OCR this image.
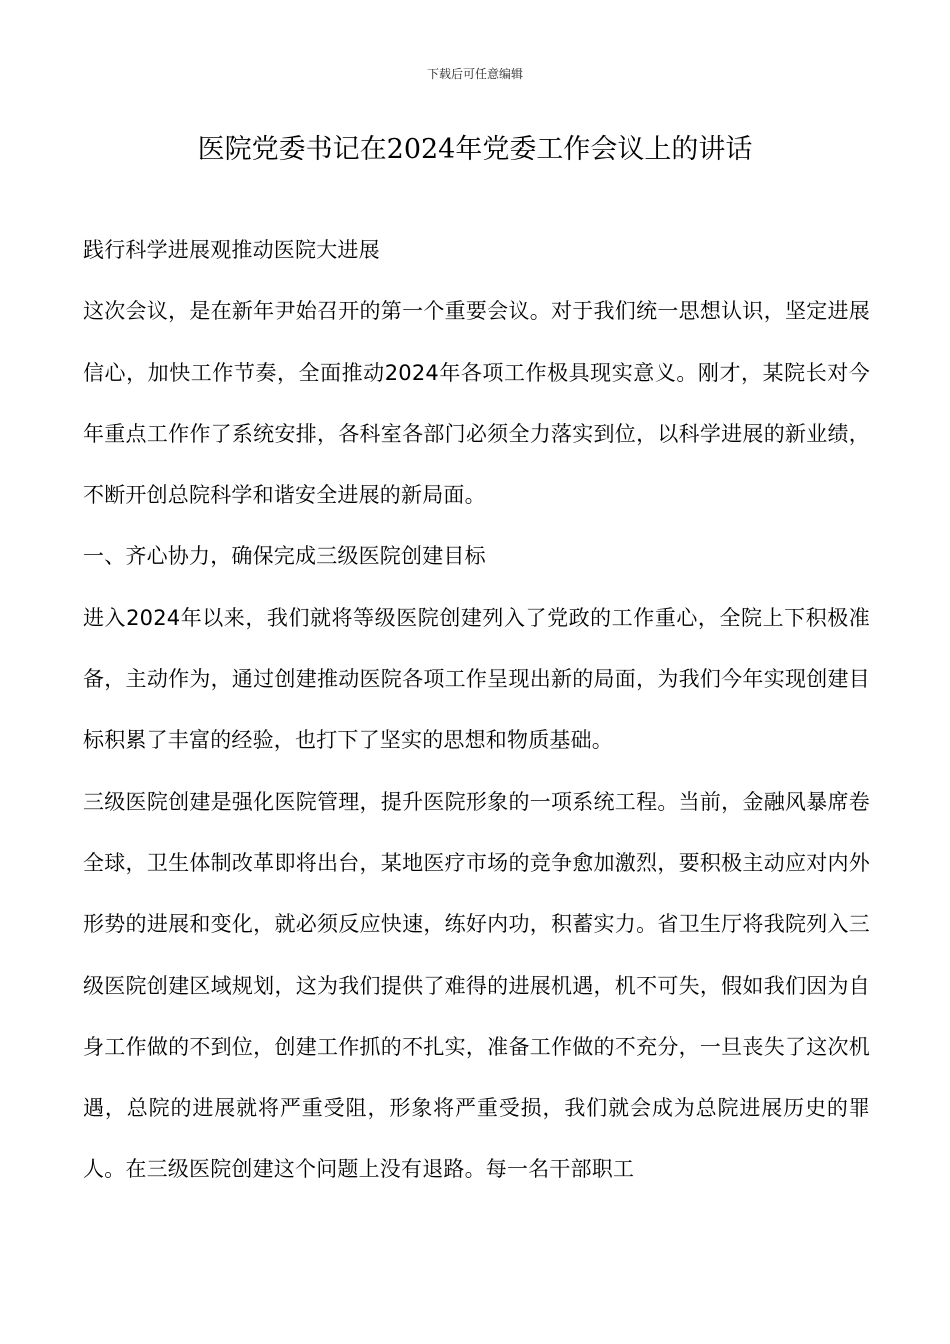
下载后可任意编辑
医院党委书记在2024年党委工作会议上的讲话

践行科学进展观推动医院大进展

这次会议，是在新年尹始召开的第一个重要会议。对于我们统一思想认识，坚定进展信心，加快工作节奏，全面推动2024年各项工作极具现实意义。刚才，某院长对今年重点工作作了系统安排，各科室各部门必须全力落实到位，以科学进展的新业绩，不断开创总院科学和谐安全进展的新局面。

一、齐心协力，确保完成三级医院创建目标

进入2024年以来，我们就将等级医院创建列入了党政的工作重心，全院上下积极准备，主动作为，通过创建推动医院各项工作呈现出新的局面，为我们今年实现创建目标积累了丰富的经验，也打下了坚实的思想和物质基础。

三级医院创建是强化医院管理，提升医院形象的一项系统工程。当前，金融风暴席卷全球，卫生体制改革即将出台，某地医疗市场的竞争愈加激烈，要积极主动应对内外形势的进展和变化，就必须反应快速，练好内功，积蓄实力。省卫生厅将我院列入三级医院创建区域规划，这为我们提供了难得的进展机遇，机不可失，假如我们因为自身工作做的不到位，创建工作抓的不扎实，准备工作做的不充分，一旦丧失了这次机遇，总院的进展就将严重受阻，形象将严重受损，我们就会成为总院进展历史的罪人。在三级医院创建这个问题上没有退路。每一名干部职工
